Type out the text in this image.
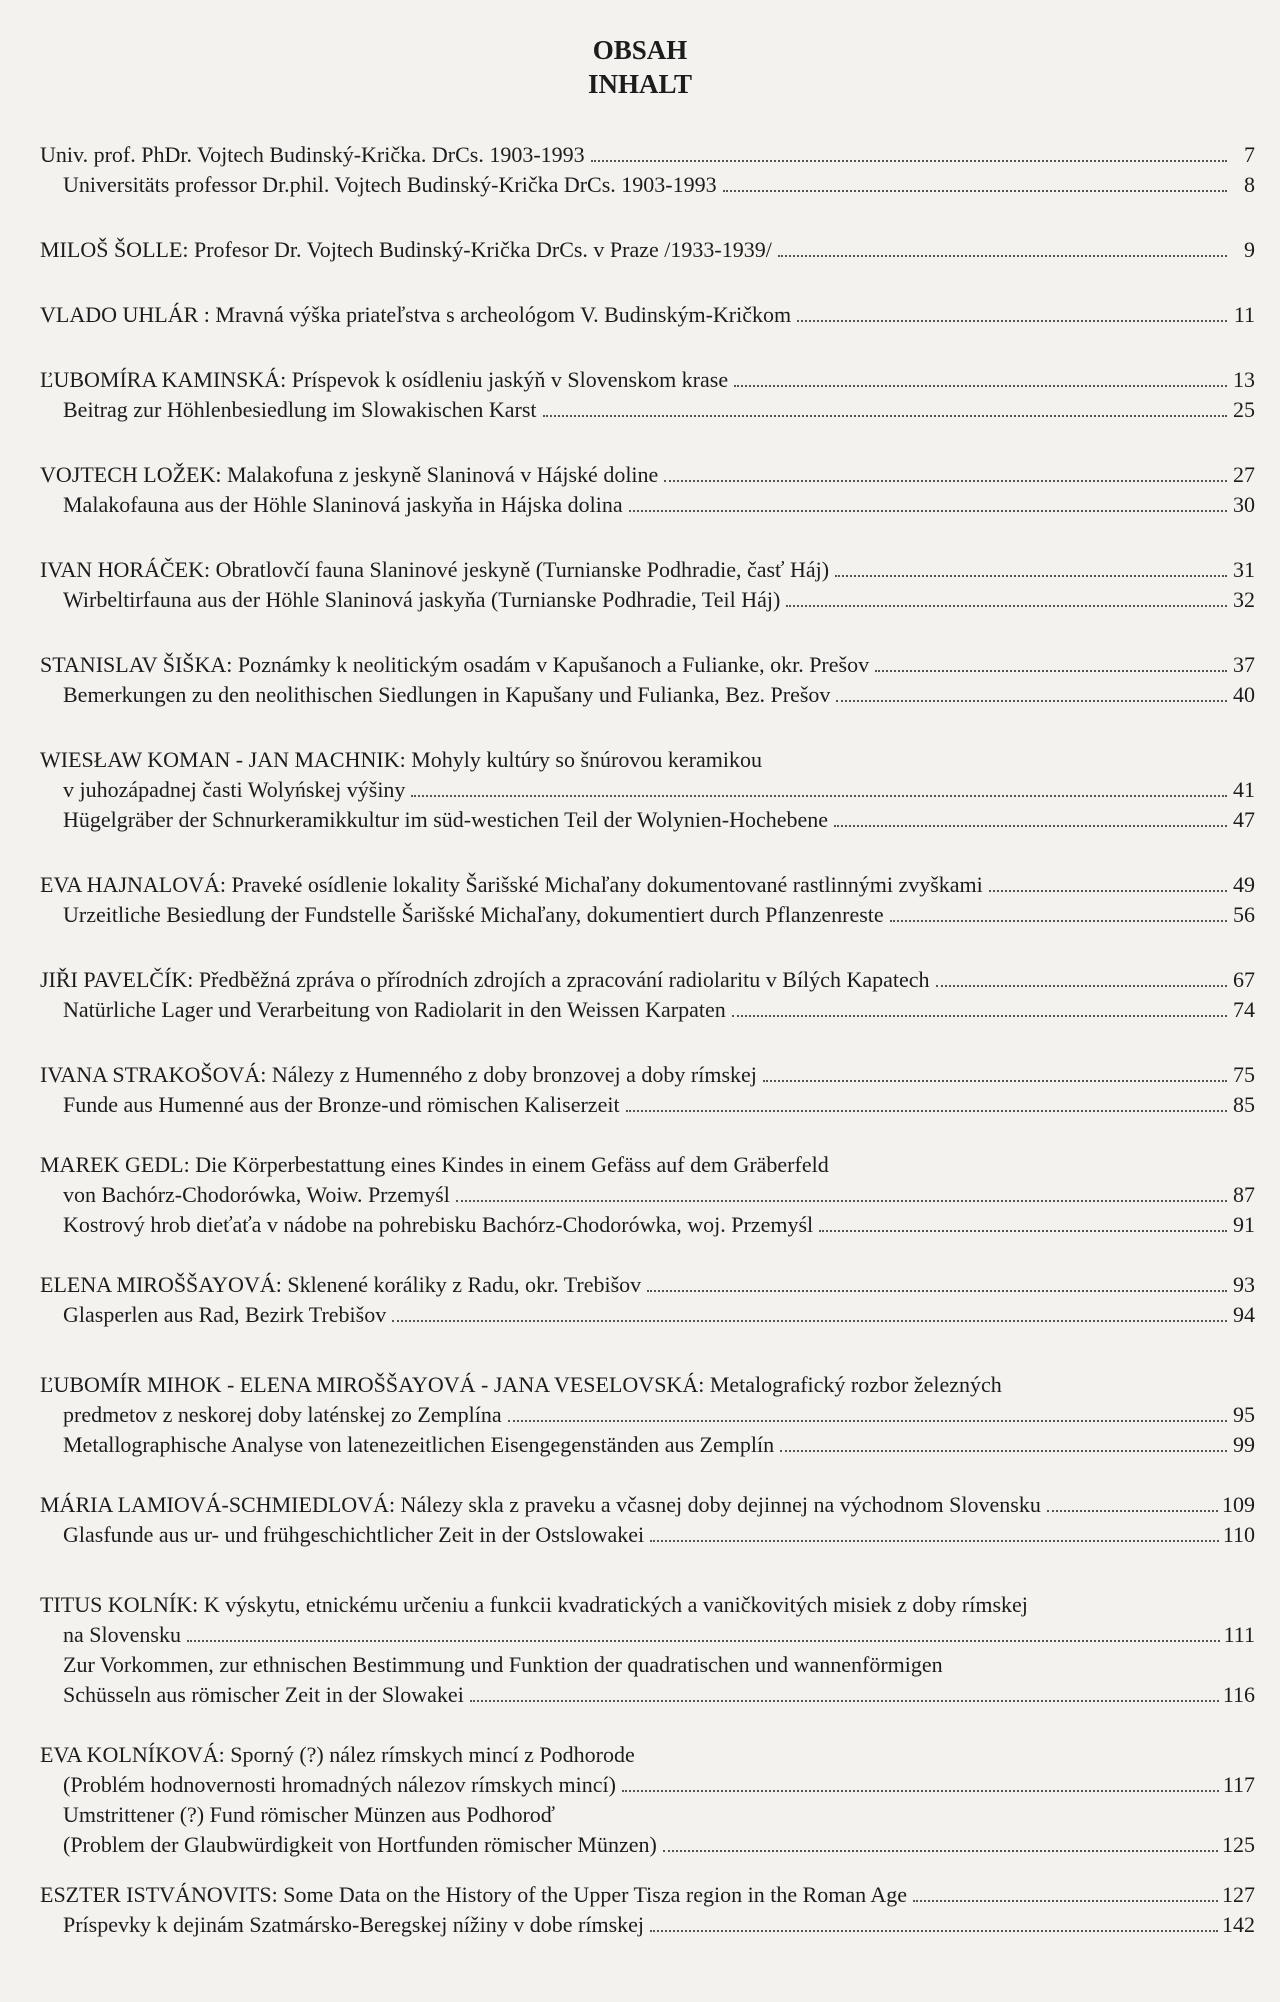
OBSAH
INHALT
Univ. prof. PhDr. Vojtech Budinský-Krička. DrCs. 1903-1993	7
Universitäts professor Dr.phil. Vojtech Budinský-Krička DrCs. 1903-1993	8
MILOŠ ŠOLLE: Profesor Dr. Vojtech Budinský-Krička DrCs. v Praze /1933-1939/	9
VLADO UHLÁR : Mravná výška priateľstva s archeológom V. Budinským-Kričkom	11
ĽUBOMÍRA KAMINSKÁ: Príspevok k osídleniu jaskýň v Slovenskom krase	13
Beitrag zur Höhlenbesiedlung im Slowakischen Karst	25
VOJTECH LOŽEK: Malakofuna z jeskyně Slaninová v Hájské doline	27
Malakofauna aus der Höhle Slaninová jaskyňa in Hájska dolina	30
IVAN HORÁČEK: Obratlovčí fauna Slaninové jeskyně (Turnianske Podhradie, časť Háj)	31
Wirbeltirfauna aus der Höhle Slaninová jaskyňa (Turnianske Podhradie, Teil Háj)	32
STANISLAV ŠIŠKA: Poznámky k neolitickým osadám v Kapušanoch a Fulianke, okr. Prešov	37
Bemerkungen zu den neolithischen Siedlungen in Kapušany und Fulianka, Bez. Prešov	40
WIESŁAW KOMAN - JAN MACHNIK: Mohyly kultúry so šnúrovou keramikou
v juhozápadnej časti Wolyńskej výšiny	41
Hügelgräber der Schnurkeramikkultur im süd-westichen Teil der Wolynien-Hochebene	47
EVA HAJNALOVÁ: Praveké osídlenie lokality Šarišské Michaľany dokumentované rastlinnými zvyškami	49
Urzeitliche Besiedlung der Fundstelle Šarišské Michaľany, dokumentiert durch Pflanzenreste	56
JIŘI PAVELČÍK: Předběžná zpráva o přírodních zdrojích a zpracování radiolaritu v Bílých Kapatech	67
Natürliche Lager und Verarbeitung von Radiolarit in den Weissen Karpaten	74
IVANA STRAKOŠOVÁ: Nálezy z Humenného z doby bronzovej a doby rímskej	75
Funde aus Humenné aus der Bronze-und römischen Kaliserzeit	85
MAREK GEDL: Die Körperbestattung eines Kindes in einem Gefäss auf dem Gräberfeld
von Bachórz-Chodorówka, Woiw. Przemyśl	87
Kostrový hrob dieťaťa v nádobe na pohrebisku Bachórz-Chodorówka, woj. Przemyśl	91
ELENA MIROŠŠAYOVÁ: Sklenené koráliky z Radu, okr. Trebišov	93
Glasperlen aus Rad, Bezirk Trebišov	94
ĽUBOMÍR MIHOK - ELENA MIROŠŠAYOVÁ - JANA VESELOVSKÁ: Metalografický rozbor železných
predmetov z neskorej doby laténskej zo Zemplína	95
Metallographische Analyse von latenezeitlichen Eisengegenständen aus Zemplín	99
MÁRIA LAMIOVÁ-SCHMIEDLOVÁ: Nálezy skla z praveku a včasnej doby dejinnej na východnom Slovensku	109
Glasfunde aus ur- und frühgeschichtlicher Zeit in der Ostslowakei	110
TITUS KOLNÍK: K výskytu, etnickému určeniu a funkcii kvadratických a vaničkovitých misiek z doby rímskej
na Slovensku	111
Zur Vorkommen, zur ethnischen Bestimmung und Funktion der quadratischen und wannenförmigen
Schüsseln aus römischer Zeit in der Slowakei	116
EVA KOLNÍKOVÁ: Sporný (?) nález rímskych mincí z Podhorode
(Problém hodnovernosti hromadných nálezov rímskych mincí)	117
Umstrittener (?) Fund römischer Münzen aus Podhoroď
(Problem der Glaubwürdigkeit von Hortfunden römischer Münzen)	125
ESZTER ISTVÁNOVITS: Some Data on the History of the Upper Tisza region in the Roman Age	127
Príspevky k dejinám Szatmársko-Beregskej nížiny v dobe rímskej	142
